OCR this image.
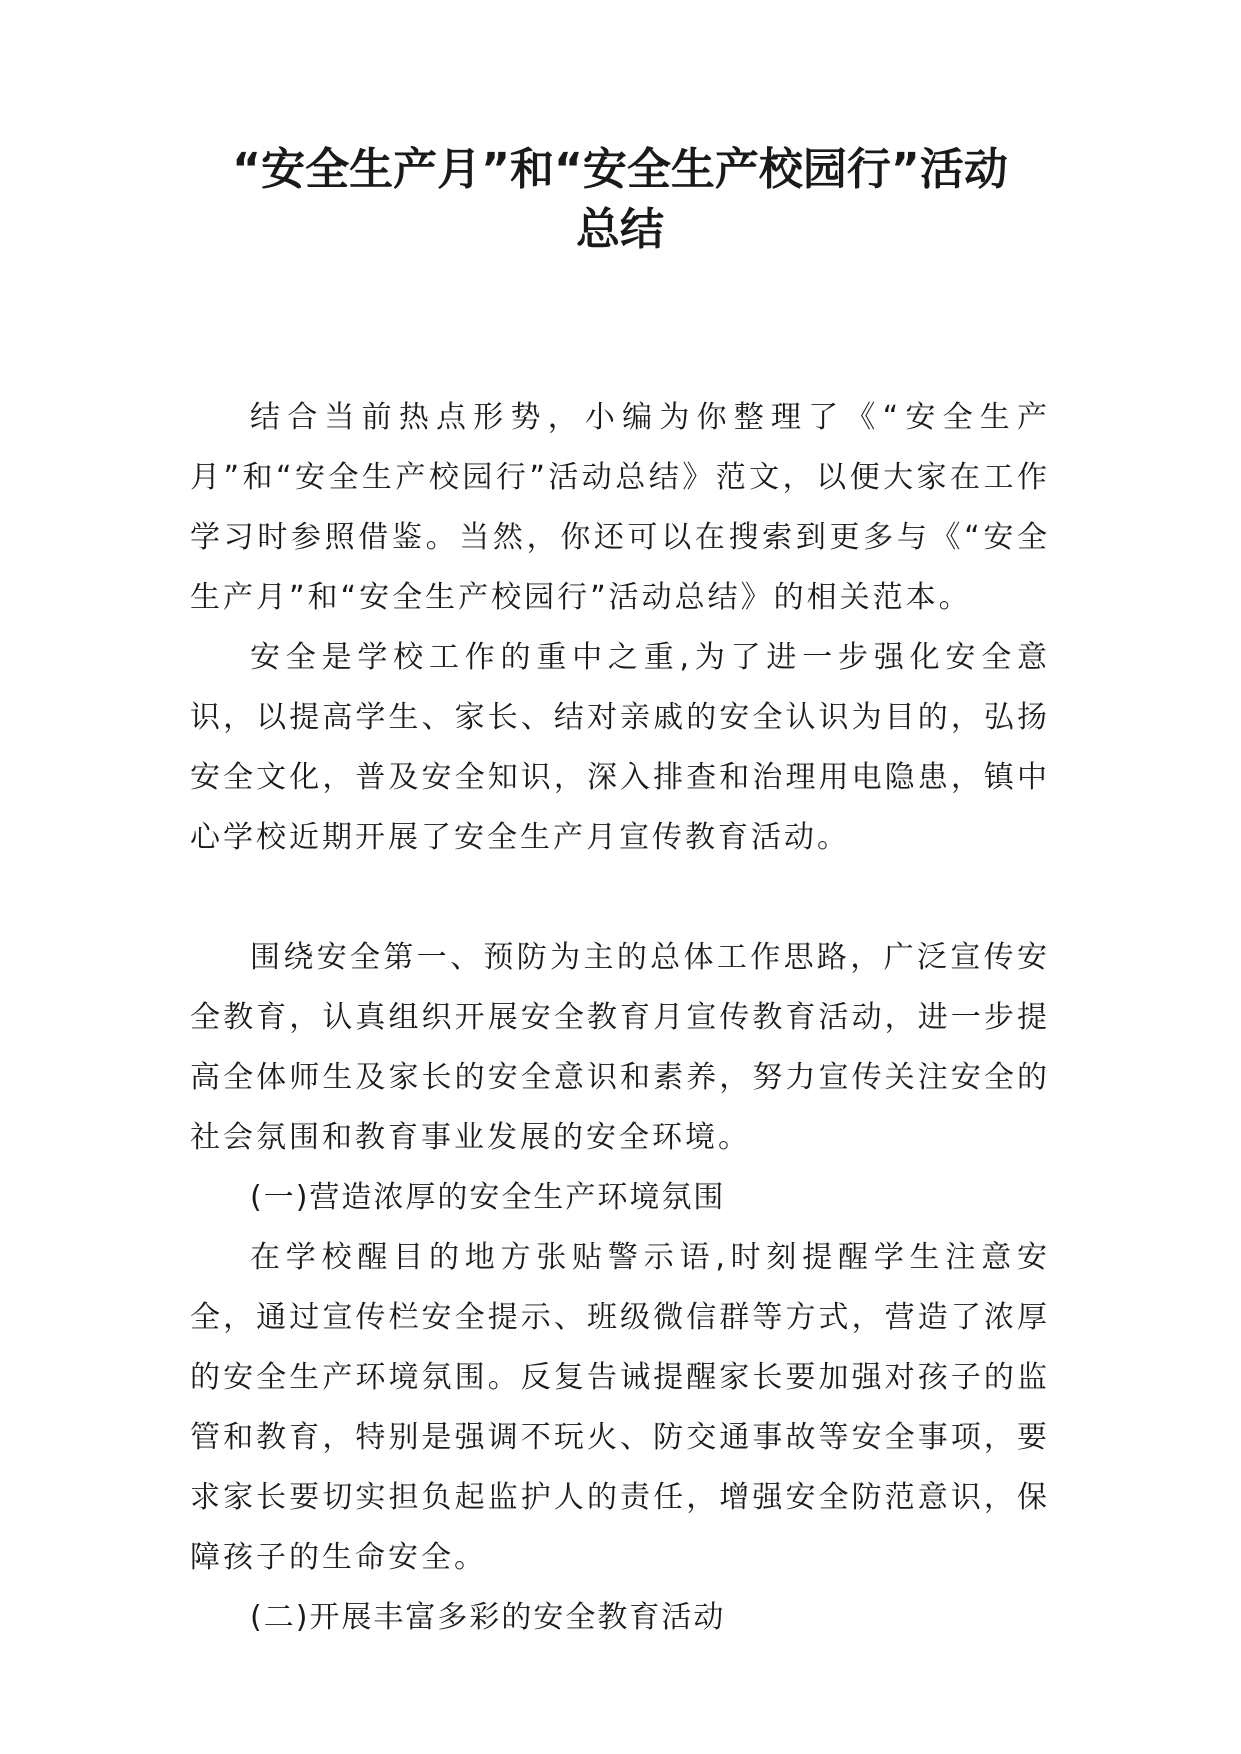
“安全生产月”和“安全生产校园行”活动
总结

结合当前热点形势，小编为你整理了《“安全生产月”和“安全生产校园行”活动总结》范文，以便大家在工作学习时参照借鉴。当然，你还可以在搜索到更多与《“安全生产月”和“安全生产校园行”活动总结》的相关范本。

安全是学校工作的重中之重,为了进一步强化安全意识，以提高学生、家长、结对亲戚的安全认识为目的，弘扬安全文化，普及安全知识，深入排查和治理用电隐患，镇中心学校近期开展了安全生产月宣传教育活动。

围绕安全第一、预防为主的总体工作思路，广泛宣传安全教育，认真组织开展安全教育月宣传教育活动，进一步提高全体师生及家长的安全意识和素养，努力宣传关注安全的社会氛围和教育事业发展的安全环境。

(一)营造浓厚的安全生产环境氛围

在学校醒目的地方张贴警示语,时刻提醒学生注意安全，通过宣传栏安全提示、班级微信群等方式，营造了浓厚的安全生产环境氛围。反复告诫提醒家长要加强对孩子的监管和教育，特别是强调不玩火、防交通事故等安全事项，要求家长要切实担负起监护人的责任，增强安全防范意识，保障孩子的生命安全。

(二)开展丰富多彩的安全教育活动
